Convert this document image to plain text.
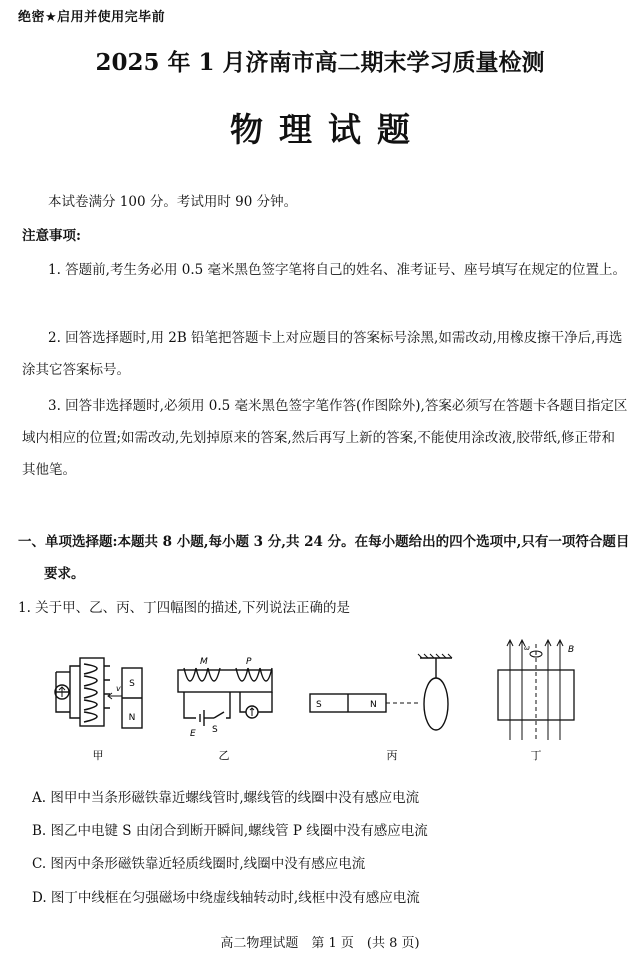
绝密★启用并使用完毕前
2025 年 1 月济南市高二期末学习质量检测
物理试题
本试卷满分 100 分。考试用时 90 分钟。
注意事项:
1. 答题前,考生务必用 0.5 毫米黑色签字笔将自己的姓名、准考证号、座号填写在规定的位置上。
2. 回答选择题时,用 2B 铅笔把答题卡上对应题目的答案标号涂黑,如需改动,用橡皮擦干净后,再选涂其它答案标号。
3. 回答非选择题时,必须用 0.5 毫米黑色签字笔作答(作图除外),答案必须写在答题卡各题目指定区域内相应的位置;如需改动,先划掉原来的答案,然后再写上新的答案,不能使用涂改液,胶带纸,修正带和其他笔。
一、单项选择题:本题共 8 小题,每小题 3 分,共 24 分。在每小题给出的四个选项中,只有一项符合题目要求。
1. 关于甲、乙、丙、丁四幅图的描述,下列说法正确的是
S
N
v
甲
M	P
E S
乙
S	N
丙
ω	B
丁
A. 图甲中当条形磁铁靠近螺线管时,螺线管的线圈中没有感应电流
B. 图乙中电键 S 由闭合到断开瞬间,螺线管 P 线圈中没有感应电流
C. 图丙中条形磁铁靠近轻质线圈时,线圈中没有感应电流
D. 图丁中线框在匀强磁场中绕虚线轴转动时,线框中没有感应电流
高二物理试题　第 1 页　(共 8 页)
